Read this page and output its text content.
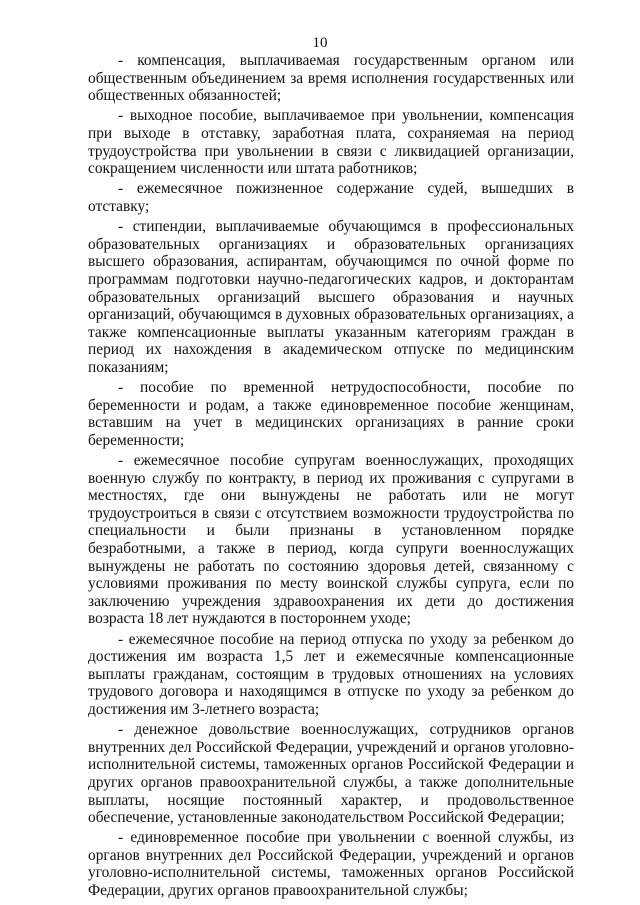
10

- компенсация, выплачиваемая государственным органом или общественным объединением за время исполнения государственных или общественных обязанностей;

- выходное пособие, выплачиваемое при увольнении, компенсация при выходе в отставку, заработная плата, сохраняемая на период трудоустройства при увольнении в связи с ликвидацией организации, сокращением численности или штата работников;

- ежемесячное пожизненное содержание судей, вышедших в отставку;

- стипендии, выплачиваемые обучающимся в профессиональных образовательных организациях и образовательных организациях высшего образования, аспирантам, обучающимся по очной форме по программам подготовки научно-педагогических кадров, и докторантам образовательных организаций высшего образования и научных организаций, обучающимся в духовных образовательных организациях, а также компенсационные выплаты указанным категориям граждан в период их нахождения в академическом отпуске по медицинским показаниям;

- пособие по временной нетрудоспособности, пособие по беременности и родам, а также единовременное пособие женщинам, вставшим на учет в медицинских организациях в ранние сроки беременности;

- ежемесячное пособие супругам военнослужащих, проходящих военную службу по контракту, в период их проживания с супругами в местностях, где они вынуждены не работать или не могут трудоустроиться в связи с отсутствием возможности трудоустройства по специальности и были признаны в установленном порядке безработными, а также в период, когда супруги военнослужащих вынуждены не работать по состоянию здоровья детей, связанному с условиями проживания по месту воинской службы супруга, если по заключению учреждения здравоохранения их дети до достижения возраста 18 лет нуждаются в постороннем уходе;

- ежемесячное пособие на период отпуска по уходу за ребенком до достижения им возраста 1,5 лет и ежемесячные компенсационные выплаты гражданам, состоящим в трудовых отношениях на условиях трудового договора и находящимся в отпуске по уходу за ребенком до достижения им 3-летнего возраста;

- денежное довольствие военнослужащих, сотрудников органов внутренних дел Российской Федерации, учреждений и органов уголовно-исполнительной системы, таможенных органов Российской Федерации и других органов правоохранительной службы, а также дополнительные выплаты, носящие постоянный характер, и продовольственное обеспечение, установленные законодательством Российской Федерации;

- единовременное пособие при увольнении с военной службы, из органов внутренних дел Российской Федерации, учреждений и органов уголовно-исполнительной системы, таможенных органов Российской Федерации, других органов правоохранительной службы;
